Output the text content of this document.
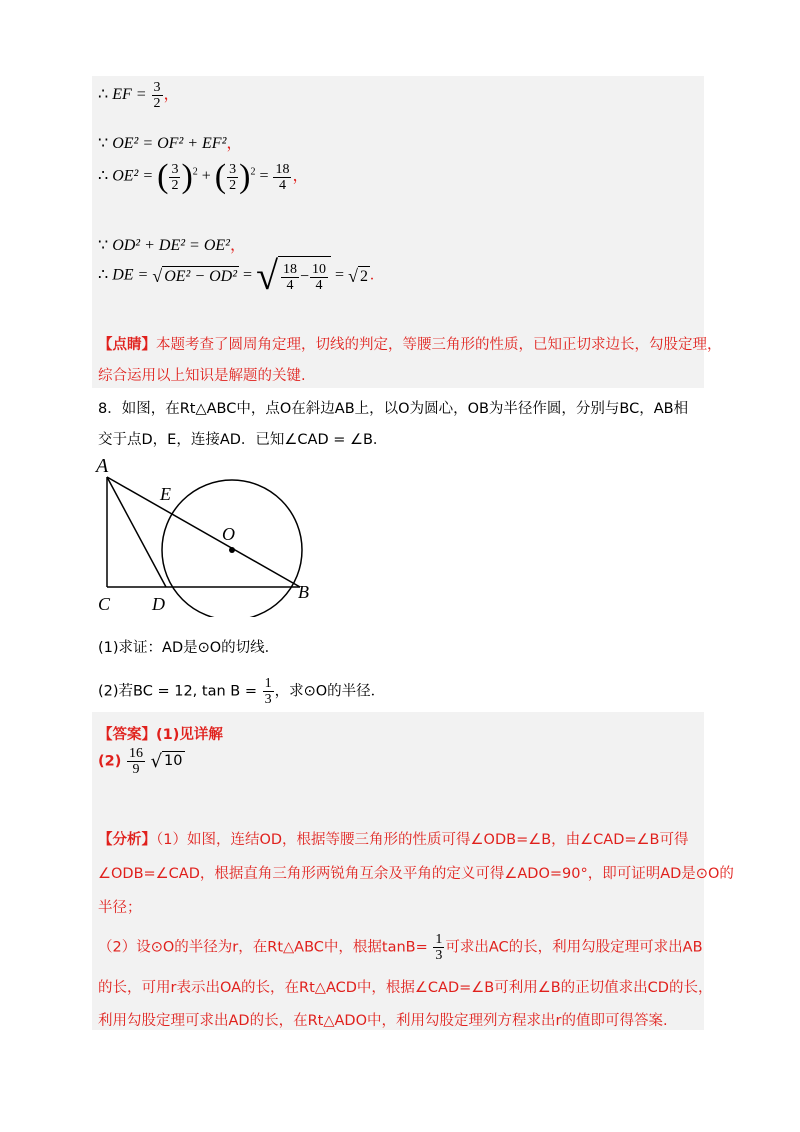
∴ EF = $\frac{3}{2}$ ，
∵ OE² = OF² + EF²，
∴ OE² = ( $\frac{3}{2} )^2$ + ( $\frac{3}{2} )^2 = \frac{18}{4}$ ，
∵ OD² + DE² = OE²，
∴ DE = √ OE² − OD² = √ $\frac{18}{4} - \frac{10}{4}$ = √ 2 .
【点睛】本题考查了圆周角定理，切线的判定，等腰三角形的性质，已知正切求边长，勾股定理，
综合运用以上知识是解题的关键.
8．如图，在Rt△ABC中，点O在斜边AB上，以O为圆心，OB为半径作圆，分别与BC，AB相
交于点D，E，连接AD．已知∠CAD = ∠B．
A
E
O
C D
B
(1)求证：AD是⊙O的切线．
(2)若BC = 12, $\tan B = \frac{1}{3}$ ，求⊙O的半径．
【答案】(1)见详解
$(2) \frac{16}{9}$
√ 10
【分析】（1）如图，连结OD，根据等腰三角形的性质可得∠ODB=∠B，由∠CAD=∠B可得
∠ODB=∠CAD，根据直角三角形两锐角互余及平角的定义可得∠ADO=90°，即可证明AD是⊙O的
半径；
（2）设⊙O的半径为r，在Rt△ABC中，根据$\tan B= \frac{1}{3}$ 可求出AC的长，利用勾股定理可求出AB
的长，可用r表示出OA的长，在Rt△ACD中，根据∠CAD=∠B可利用∠B的正切值求出CD的长，
利用勾股定理可求出AD的长，在Rt△ADO中，利用勾股定理列方程求出r的值即可得答案.
